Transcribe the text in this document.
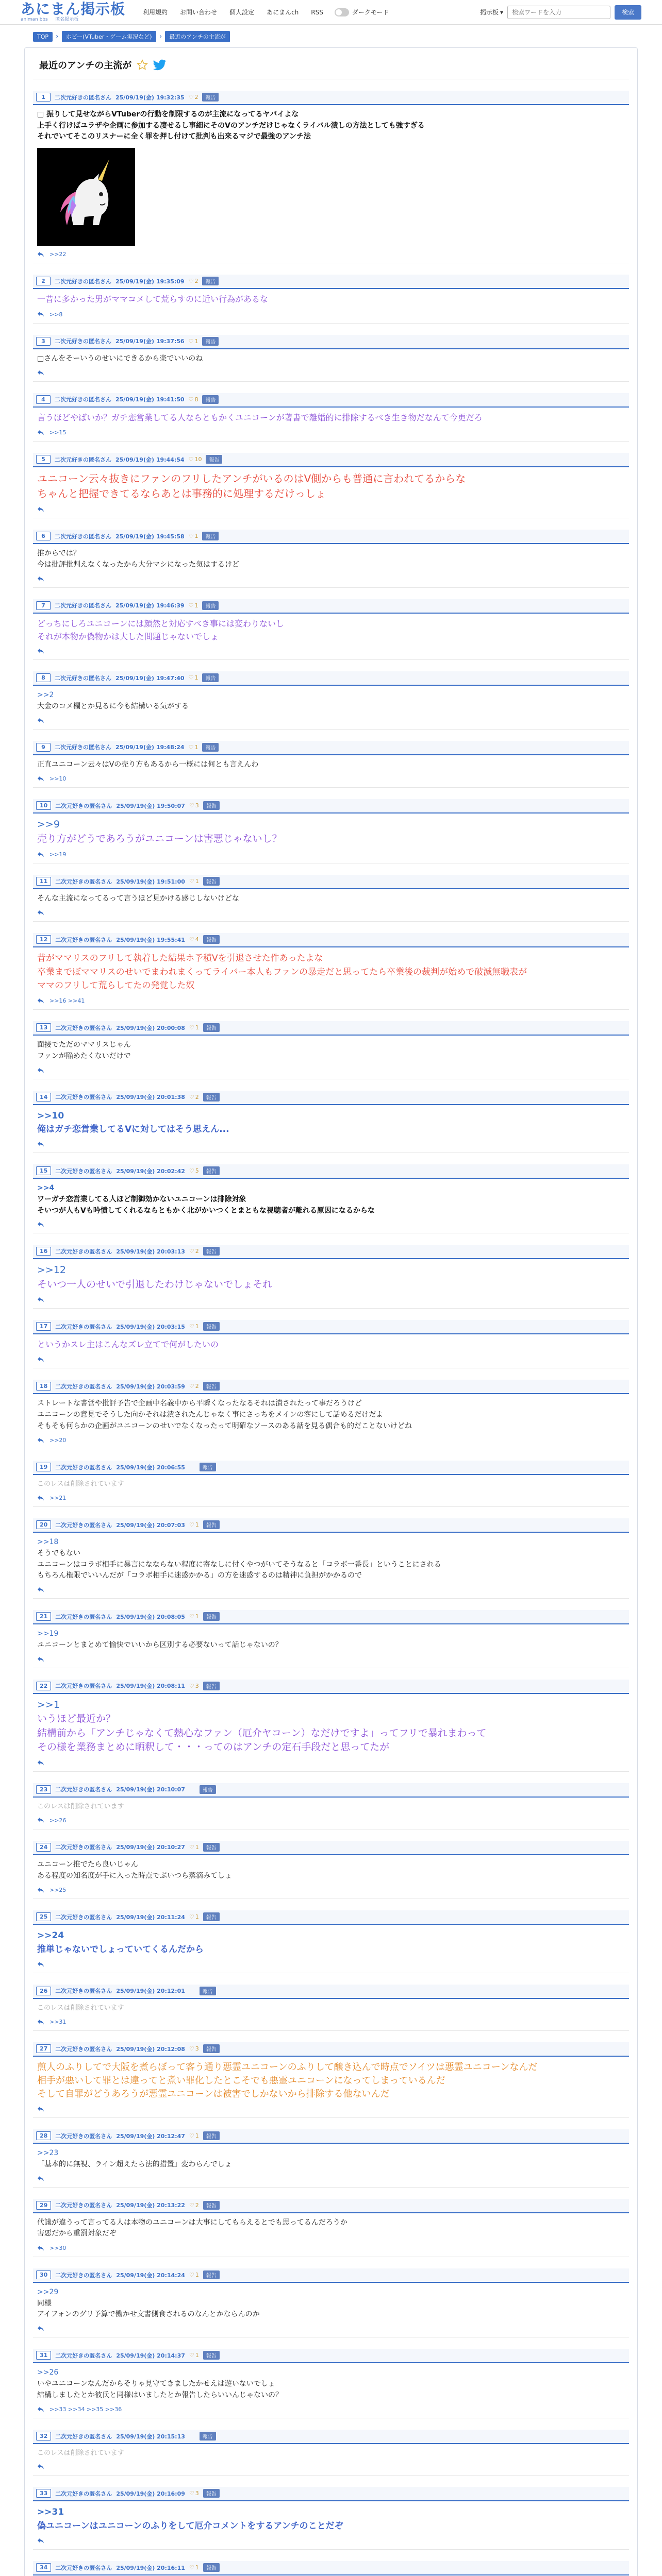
あにまん掲示板
animan bbs 　 匿名掲示板
利用規約	お問い合わせ	個人設定	あにまんch	RSS	ダークモード	掲示板 ▾
検索ワードを入力	検索
TOP	›	ホビー(VTuber・ゲーム実況など)	›	最近のアンチの主流が
最近のアンチの主流が
1	二次元好きの匿名さん 25/09/19(金) 19:32:35 ♡ 2	報告

□ 振りして見せながらVTuberの行動を制限するのが主流になってるヤバイよな

上手く行けばユラザや企画に参加する凄せるし事細にそのVのアンチだけじゃなくライバル潰しの方法としても強すぎる

それでいてそこのリスナーに全く罪を押し付けて批判も出来るマジで最強のアンチ法

>>22
2	二次元好きの匿名さん 25/09/19(金) 19:35:09 ♡ 2	報告

一昔に多かった男がママコメして荒らすのに近い行為があるな

>>8
3	二次元好きの匿名さん 25/09/19(金) 19:37:56 ♡ 1	報告

□さんをそーいうのせいにできるから楽でいいのね

4	二次元好きの匿名さん 25/09/19(金) 19:41:50 ♡ 8	報告

言うほどやばいか？ガチ恋営業してる人ならともかくユニコーンが著書で離婚的に排除するべき生き物だなんて今更だろ

>>15
5	二次元好きの匿名さん 25/09/19(金) 19:44:54 ♡ 10	報告

ユニコーン云々抜きにファンのフリしたアンチがいるのはV側からも普通に言われてるからな

ちゃんと把握できてるならあとは事務的に処理するだけっしょ

6	二次元好きの匿名さん 25/09/19(金) 19:45:58 ♡ 1	報告

推からでは？

今は批評批判えなくなったから大分マシになった気はするけど

7	二次元好きの匿名さん 25/09/19(金) 19:46:39 ♡ 1	報告

どっちにしろユニコーンには顔然と対応すべき事には変わりないし

それが本物か偽物かは大した問題じゃないでしょ

8	二次元好きの匿名さん 25/09/19(金) 19:47:40 ♡ 1	報告

>>2

大金のコメ欄とか見るに今も結構いる気がする

9	二次元好きの匿名さん 25/09/19(金) 19:48:24 ♡ 1	報告

正直ユニコーン云々はVの売り方もあるから一概には何とも言えんわ

>>10
10	二次元好きの匿名さん 25/09/19(金) 19:50:07 ♡ 3	報告

>>9

売り方がどうであろうがユニコーンは害悪じゃないし？

>>19
11	二次元好きの匿名さん 25/09/19(金) 19:51:00 ♡ 1	報告

そんな主流になってるって言うほど見かける感じしないけどな

12	二次元好きの匿名さん 25/09/19(金) 19:55:41 ♡ 4	報告

昔がママリスのフリして執着した結果ホ予積Vを引退させた件あったよな

卒業までぼママリスのせいでまわれまくってライバー本人もファンの暴走だと思ってたら卒業後の裁判が始めで破滅無職表が

ママのフリして荒らしてたの発覚した奴

>>16 >>41
13	二次元好きの匿名さん 25/09/19(金) 20:00:08 ♡ 1	報告

面接でただのママリスじゃん

ファンが陥めたくないだけで

14	二次元好きの匿名さん 25/09/19(金) 20:01:38 ♡ 2	報告

>>10

俺はガチ恋営業してるVに対してはそう思えん...

15	二次元好きの匿名さん 25/09/19(金) 20:02:42 ♡ 5	報告

>>4

ワーガチ恋営業してる人ほど制御効かないユニコーンは排除対象

そいつが人もVも吟憤してくれるならともかく北がかいつくとまともな視聴者が離れる原因になるからな

16	二次元好きの匿名さん 25/09/19(金) 20:03:13 ♡ 2	報告

>>12

そいつ一人のせいで引退したわけじゃないでしょそれ

17	二次元好きの匿名さん 25/09/19(金) 20:03:15 ♡ 1	報告

というかスレ主はこんなズレ立てで何がしたいの

18	二次元好きの匿名さん 25/09/19(金) 20:03:59 ♡ 2	報告

ストレートな書営や批評予告で企画中名義中から平瞬くなったなるそれは潰されたって事だろうけど

ユニコーンの意見でそうした向かそれは潰されたんじゃなく事にさっちをメインの客にして話めるだけだよ

そもそも何らかの企画がユニコーンのせいでなくなったって明確なソースのある話を見る偶合も的だことないけどね

>>20
19	二次元好きの匿名さん 25/09/19(金) 20:06:55	報告

このレスは削除されています

>>21
20	二次元好きの匿名さん 25/09/19(金) 20:07:03 ♡ 1	報告

>>18

そうでもない

ユニコーンはコラボ相手に暴言になならない程度に寄なしに付くやつがいてそうなると「コラボ一番長」ということにされる

もちろん権限でいいんだが「コラボ相手に迷惑かかる」の方を迷惑するのは精神に負担がかかるので

21	二次元好きの匿名さん 25/09/19(金) 20:08:05 ♡ 1	報告

>>19

ユニコーンとまとめて愉快でいいから区別する必要ないって話じゃないの？

22	二次元好きの匿名さん 25/09/19(金) 20:08:11 ♡ 3	報告

>>1

いうほど最近か？

結構前から「アンチじゃなくて熱心なファン（厄介ヤコーン）なだけですよ」ってフリで暴れまわって

その様を業務まとめに晒釈して・・・ってのはアンチの定石手段だと思ってたが

23	二次元好きの匿名さん 25/09/19(金) 20:10:07	報告

このレスは削除されています

>>26
24	二次元好きの匿名さん 25/09/19(金) 20:10:27 ♡ 1	報告

ユニコーン推でたら良いじゃん

ある程度の知名度が手に入った時点でぶいつら蒸滴みてしょ

>>25
25	二次元好きの匿名さん 25/09/19(金) 20:11:24 ♡ 1	報告

>>24

推単じゃないでしょっていてくるんだから

26	二次元好きの匿名さん 25/09/19(金) 20:12:01	報告

このレスは削除されています

>>31
27	二次元好きの匿名さん 25/09/19(金) 20:12:08 ♡ 3	報告

煎人のふりしてで大阪を煮らぼって客う通り悪霊ユニコーンのふりして醸き込んで時点でソイツは悪霊ユニコーンなんだ

相手が悪いして罪とは違ってと煮い罪化したとこそでも悪霊ユニコーンになってしまっているんだ

そして自罪がどうあろうが悪霊ユニコーンは被害でしかないから排除する他ないんだ

28	二次元好きの匿名さん 25/09/19(金) 20:12:47 ♡ 1	報告

>>23

「基本的に無視、ライン超えたら法的措置」変わらんでしょ

29	二次元好きの匿名さん 25/09/19(金) 20:13:22 ♡ 2	報告

代議が違うって言ってる人は本物のユニコーンは大事にしてもらえるとでも思ってるんだろうか

害悪だから重罰対象だぞ

>>30
30	二次元好きの匿名さん 25/09/19(金) 20:14:24 ♡ 1	報告

>>29

同様

アイフォンのグリ予算で働かせ文書側食されるのなんとかならんのか

31	二次元好きの匿名さん 25/09/19(金) 20:14:37 ♡ 1	報告

>>26

いやユニコーンなんだからそりゃ見守てきましたかせえは遊いないでしょ

結構しましたとか彼氏と同様はいましたとか報告したらいいんじゃないの？

>>33 >>34 >>35 >>36
32	二次元好きの匿名さん 25/09/19(金) 20:15:13	報告

このレスは削除されています

33	二次元好きの匿名さん 25/09/19(金) 20:16:09 ♡ 3	報告

>>31

偽ユニコーンはユニコーンのふりをして厄介コメントをするアンチのことだぞ

34	二次元好きの匿名さん 25/09/19(金) 20:16:11 ♡ 1	報告
